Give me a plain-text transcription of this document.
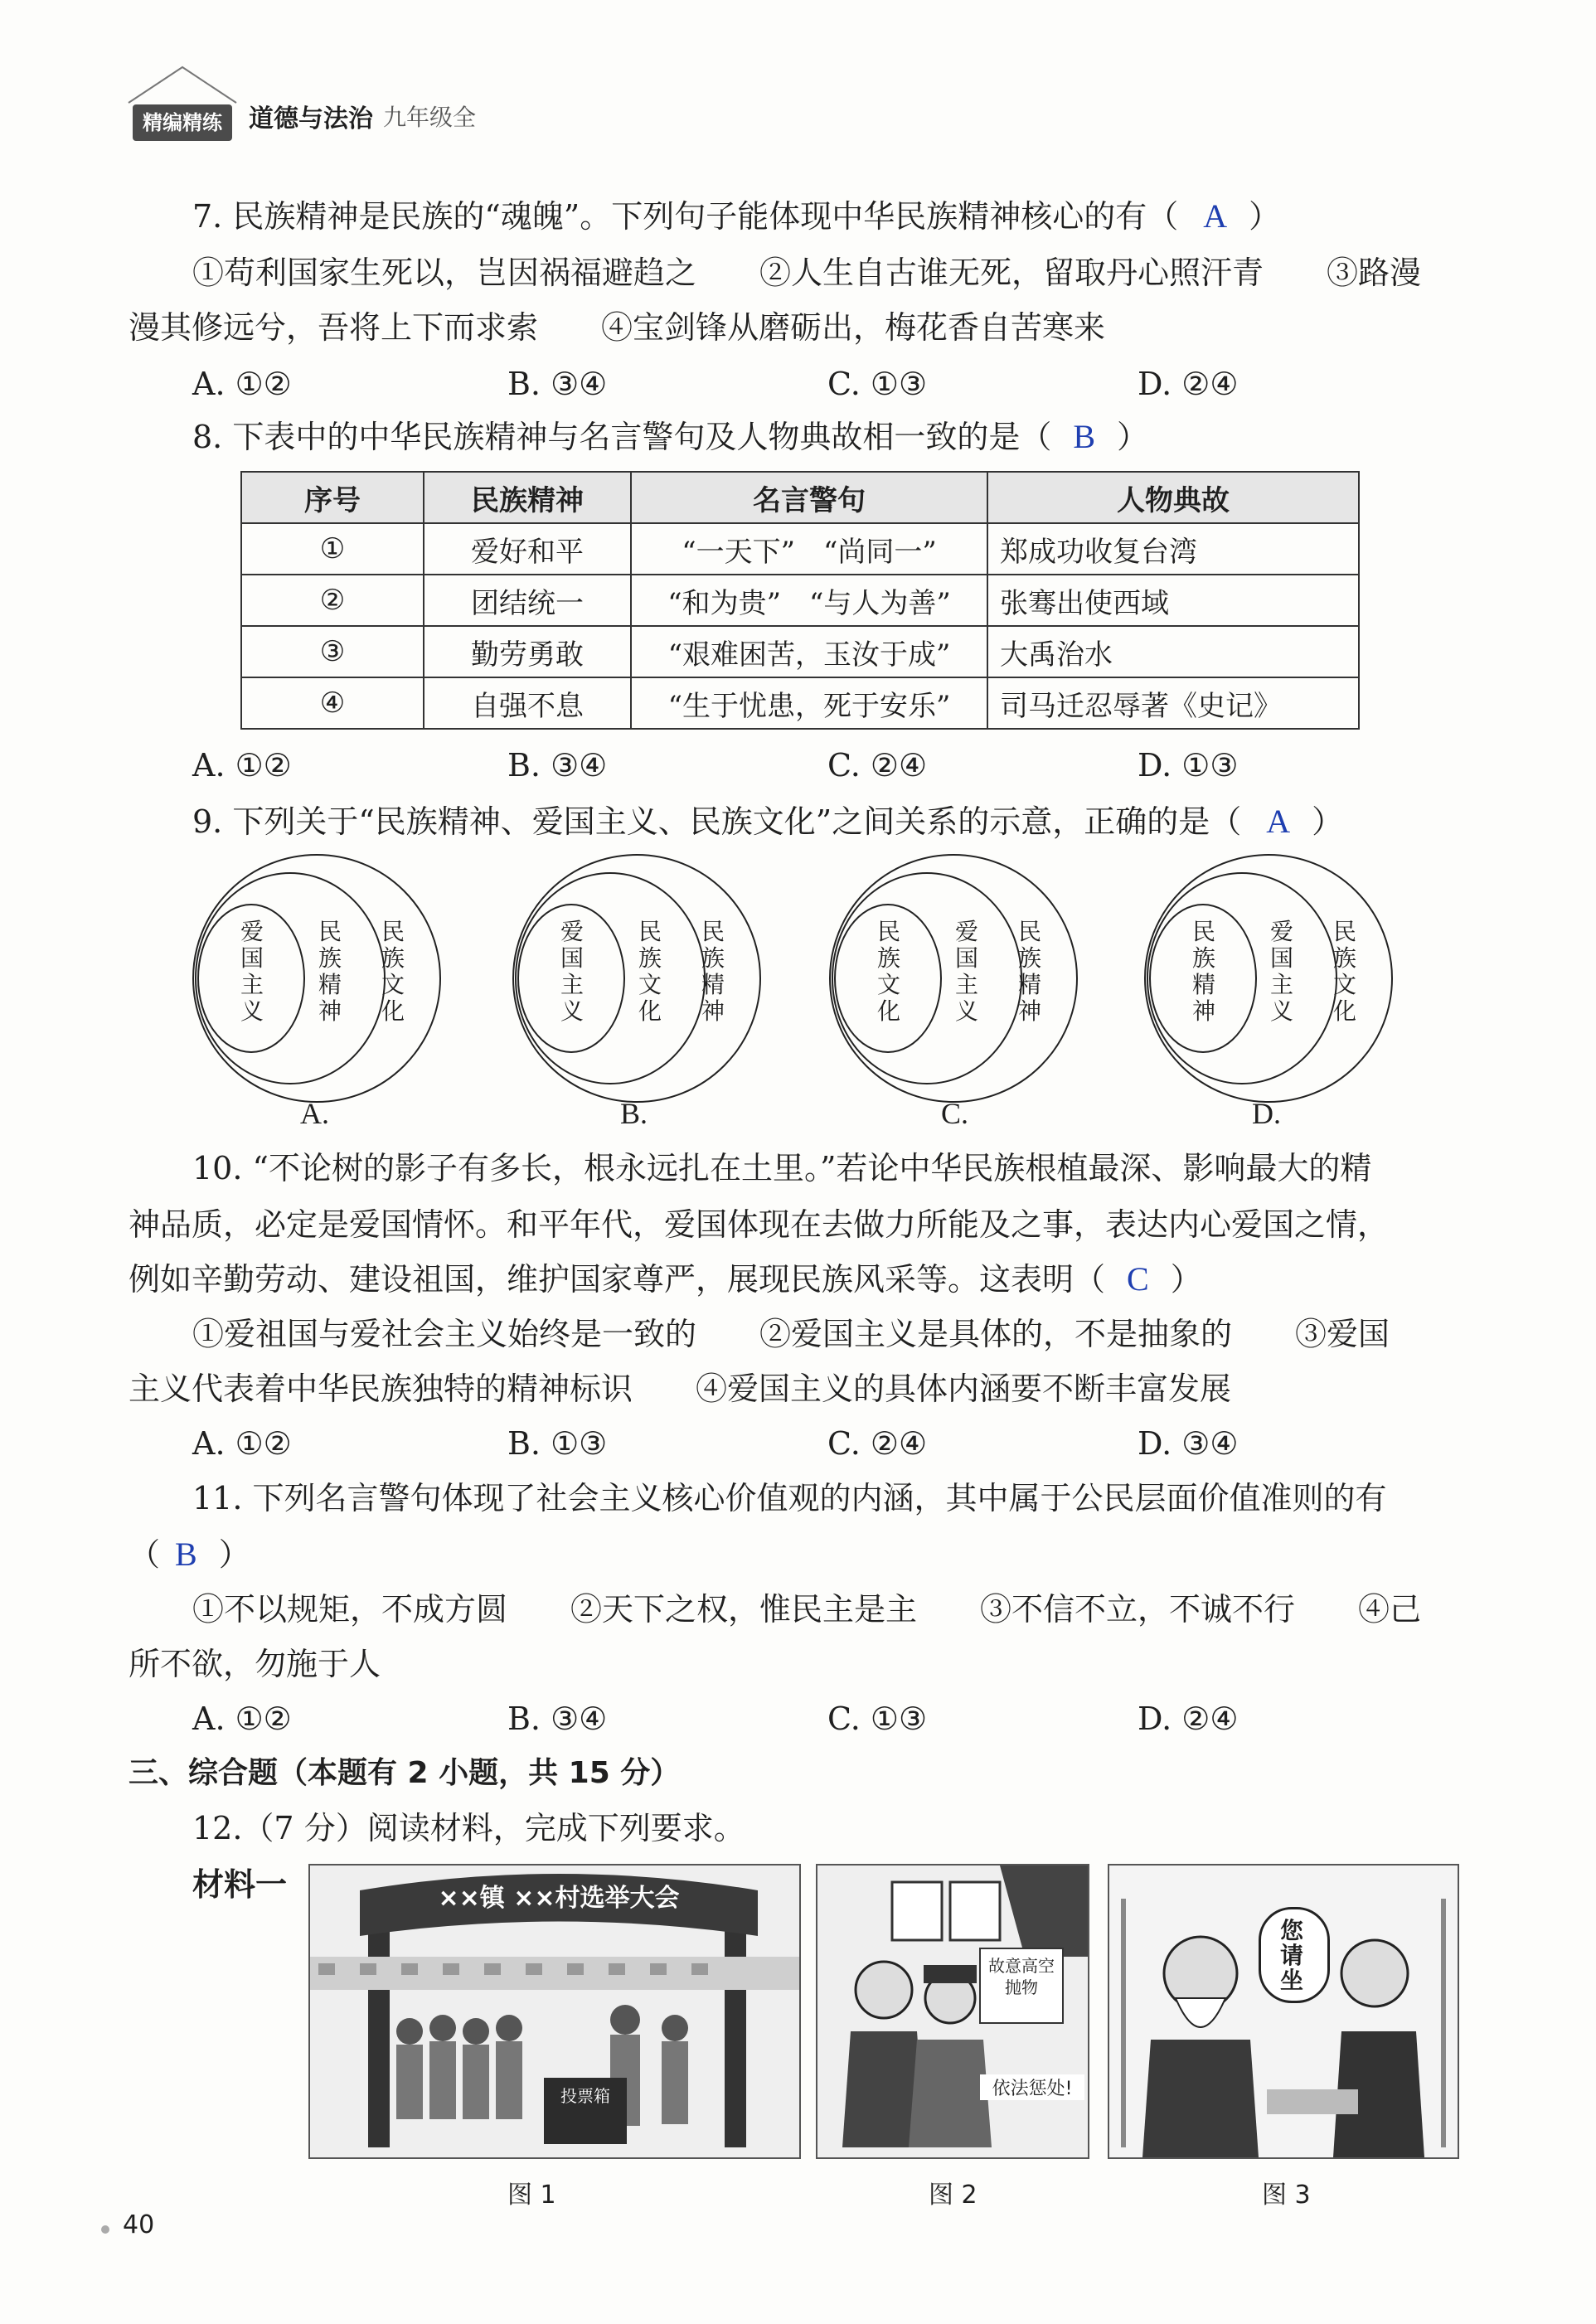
精编精练	道德与法治 九年级全
7. 民族精神是民族的“魂魄”。下列句子能体现中华民族精神核心的有（ A ）
①苟利国家生死以，岂因祸福避趋之　　②人生自古谁无死，留取丹心照汗青　　③路漫
漫其修远兮，吾将上下而求索　　④宝剑锋从磨砺出，梅花香自苦寒来
A. ①②	B. ③④	C. ①③	D. ②④
8. 下表中的中华民族精神与名言警句及人物典故相一致的是（ B ）
序号	民族精神	名言警句	人物典故
①	爱好和平	“一天下”　“尚同一”	郑成功收复台湾
②	团结统一	“和为贵”　“与人为善”	张骞出使西域
③	勤劳勇敢	“艰难困苦，玉汝于成”	大禹治水
④	自强不息	“生于忧患，死于安乐”	司马迁忍辱著《史记》
A. ①②	B. ③④	C. ②④	D. ①③
9. 下列关于“民族精神、爱国主义、民族文化”之间关系的示意，正确的是（ A ）
爱国主义
民族精神
民族文化
爱国主义
民族文化
民族精神
民族文化
爱国主义
民族精神
民族精神
爱国主义
民族文化
A.	B.	C.	D.
10. “不论树的影子有多长，根永远扎在土里。”若论中华民族根植最深、影响最大的精
神品质，必定是爱国情怀。和平年代，爱国体现在去做力所能及之事，表达内心爱国之情，
例如辛勤劳动、建设祖国，维护国家尊严，展现民族风采等。这表明（ C ）
①爱祖国与爱社会主义始终是一致的　　②爱国主义是具体的，不是抽象的　　③爱国
主义代表着中华民族独特的精神标识　　④爱国主义的具体内涵要不断丰富发展
A. ①②	B. ①③	C. ②④	D. ③④
11. 下列名言警句体现了社会主义核心价值观的内涵，其中属于公民层面价值准则的有
（ B ）
①不以规矩，不成方圆　　②天下之权，惟民主是主　　③不信不立，不诚不行　　④己
所不欲，勿施于人
A. ①②	B. ③④	C. ①③	D. ②④
三、综合题（本题有 2 小题，共 15 分）
12.（7 分）阅读材料，完成下列要求。
材料一	××镇 ××村选举大会
投票箱
故意高空抛物
依法惩处!
您请坐
图 1	图 2	图 3
40
